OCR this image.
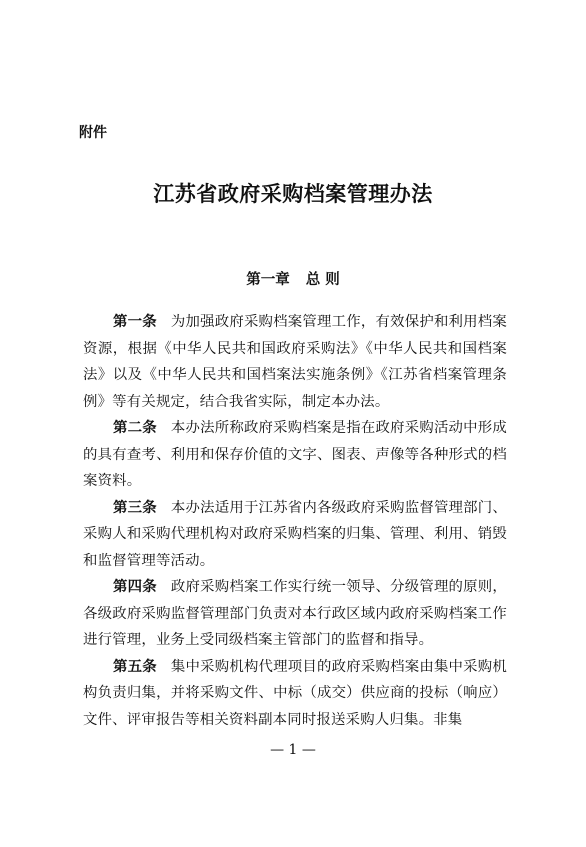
附件
江苏省政府采购档案管理办法
第一章 总 则

第一条 为加强政府采购档案管理工作，有效保护和利用档案资源，根据《中华人民共和国政府采购法》《中华人民共和国档案法》以及《中华人民共和国档案法实施条例》《江苏省档案管理条例》等有关规定，结合我省实际，制定本办法。

第二条 本办法所称政府采购档案是指在政府采购活动中形成的具有查考、利用和保存价值的文字、图表、声像等各种形式的档案资料。

第三条 本办法适用于江苏省内各级政府采购监督管理部门、采购人和采购代理机构对政府采购档案的归集、管理、利用、销毁和监督管理等活动。

第四条 政府采购档案工作实行统一领导、分级管理的原则，各级政府采购监督管理部门负责对本行政区域内政府采购档案工作进行管理，业务上受同级档案主管部门的监督和指导。

第五条 集中采购机构代理项目的政府采购档案由集中采购机构负责归集，并将采购文件、中标（成交）供应商的投标（响应）文件、评审报告等相关资料副本同时报送采购人归集。非集

— 1 —
